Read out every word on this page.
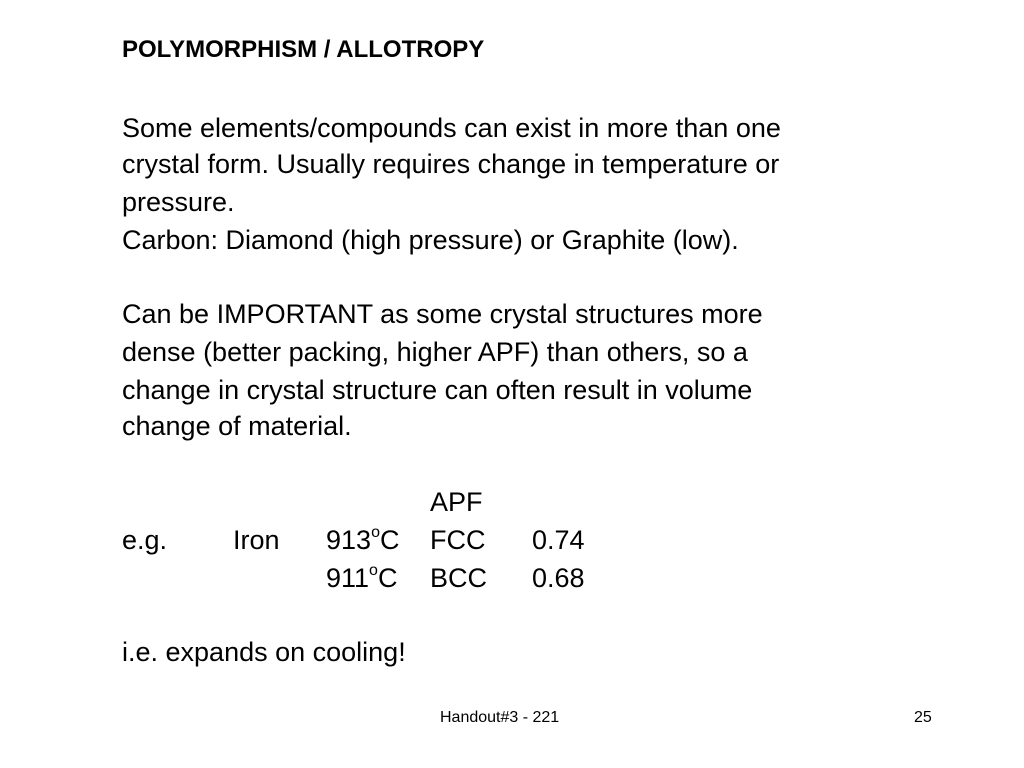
POLYMORPHISM / ALLOTROPY
Some elements/compounds can exist in more than one
crystal form. Usually requires change in temperature or
pressure.
Carbon: Diamond (high pressure) or Graphite (low).
Can be IMPORTANT as some crystal structures more
dense (better packing, higher APF) than others, so a
change in crystal structure can often result in volume
change of material.
APF
e.g. Iron 913$^o$C FCC 0.74
911$^o$C BCC 0.68
i.e. expands on cooling!
Handout#3 - 221	25
